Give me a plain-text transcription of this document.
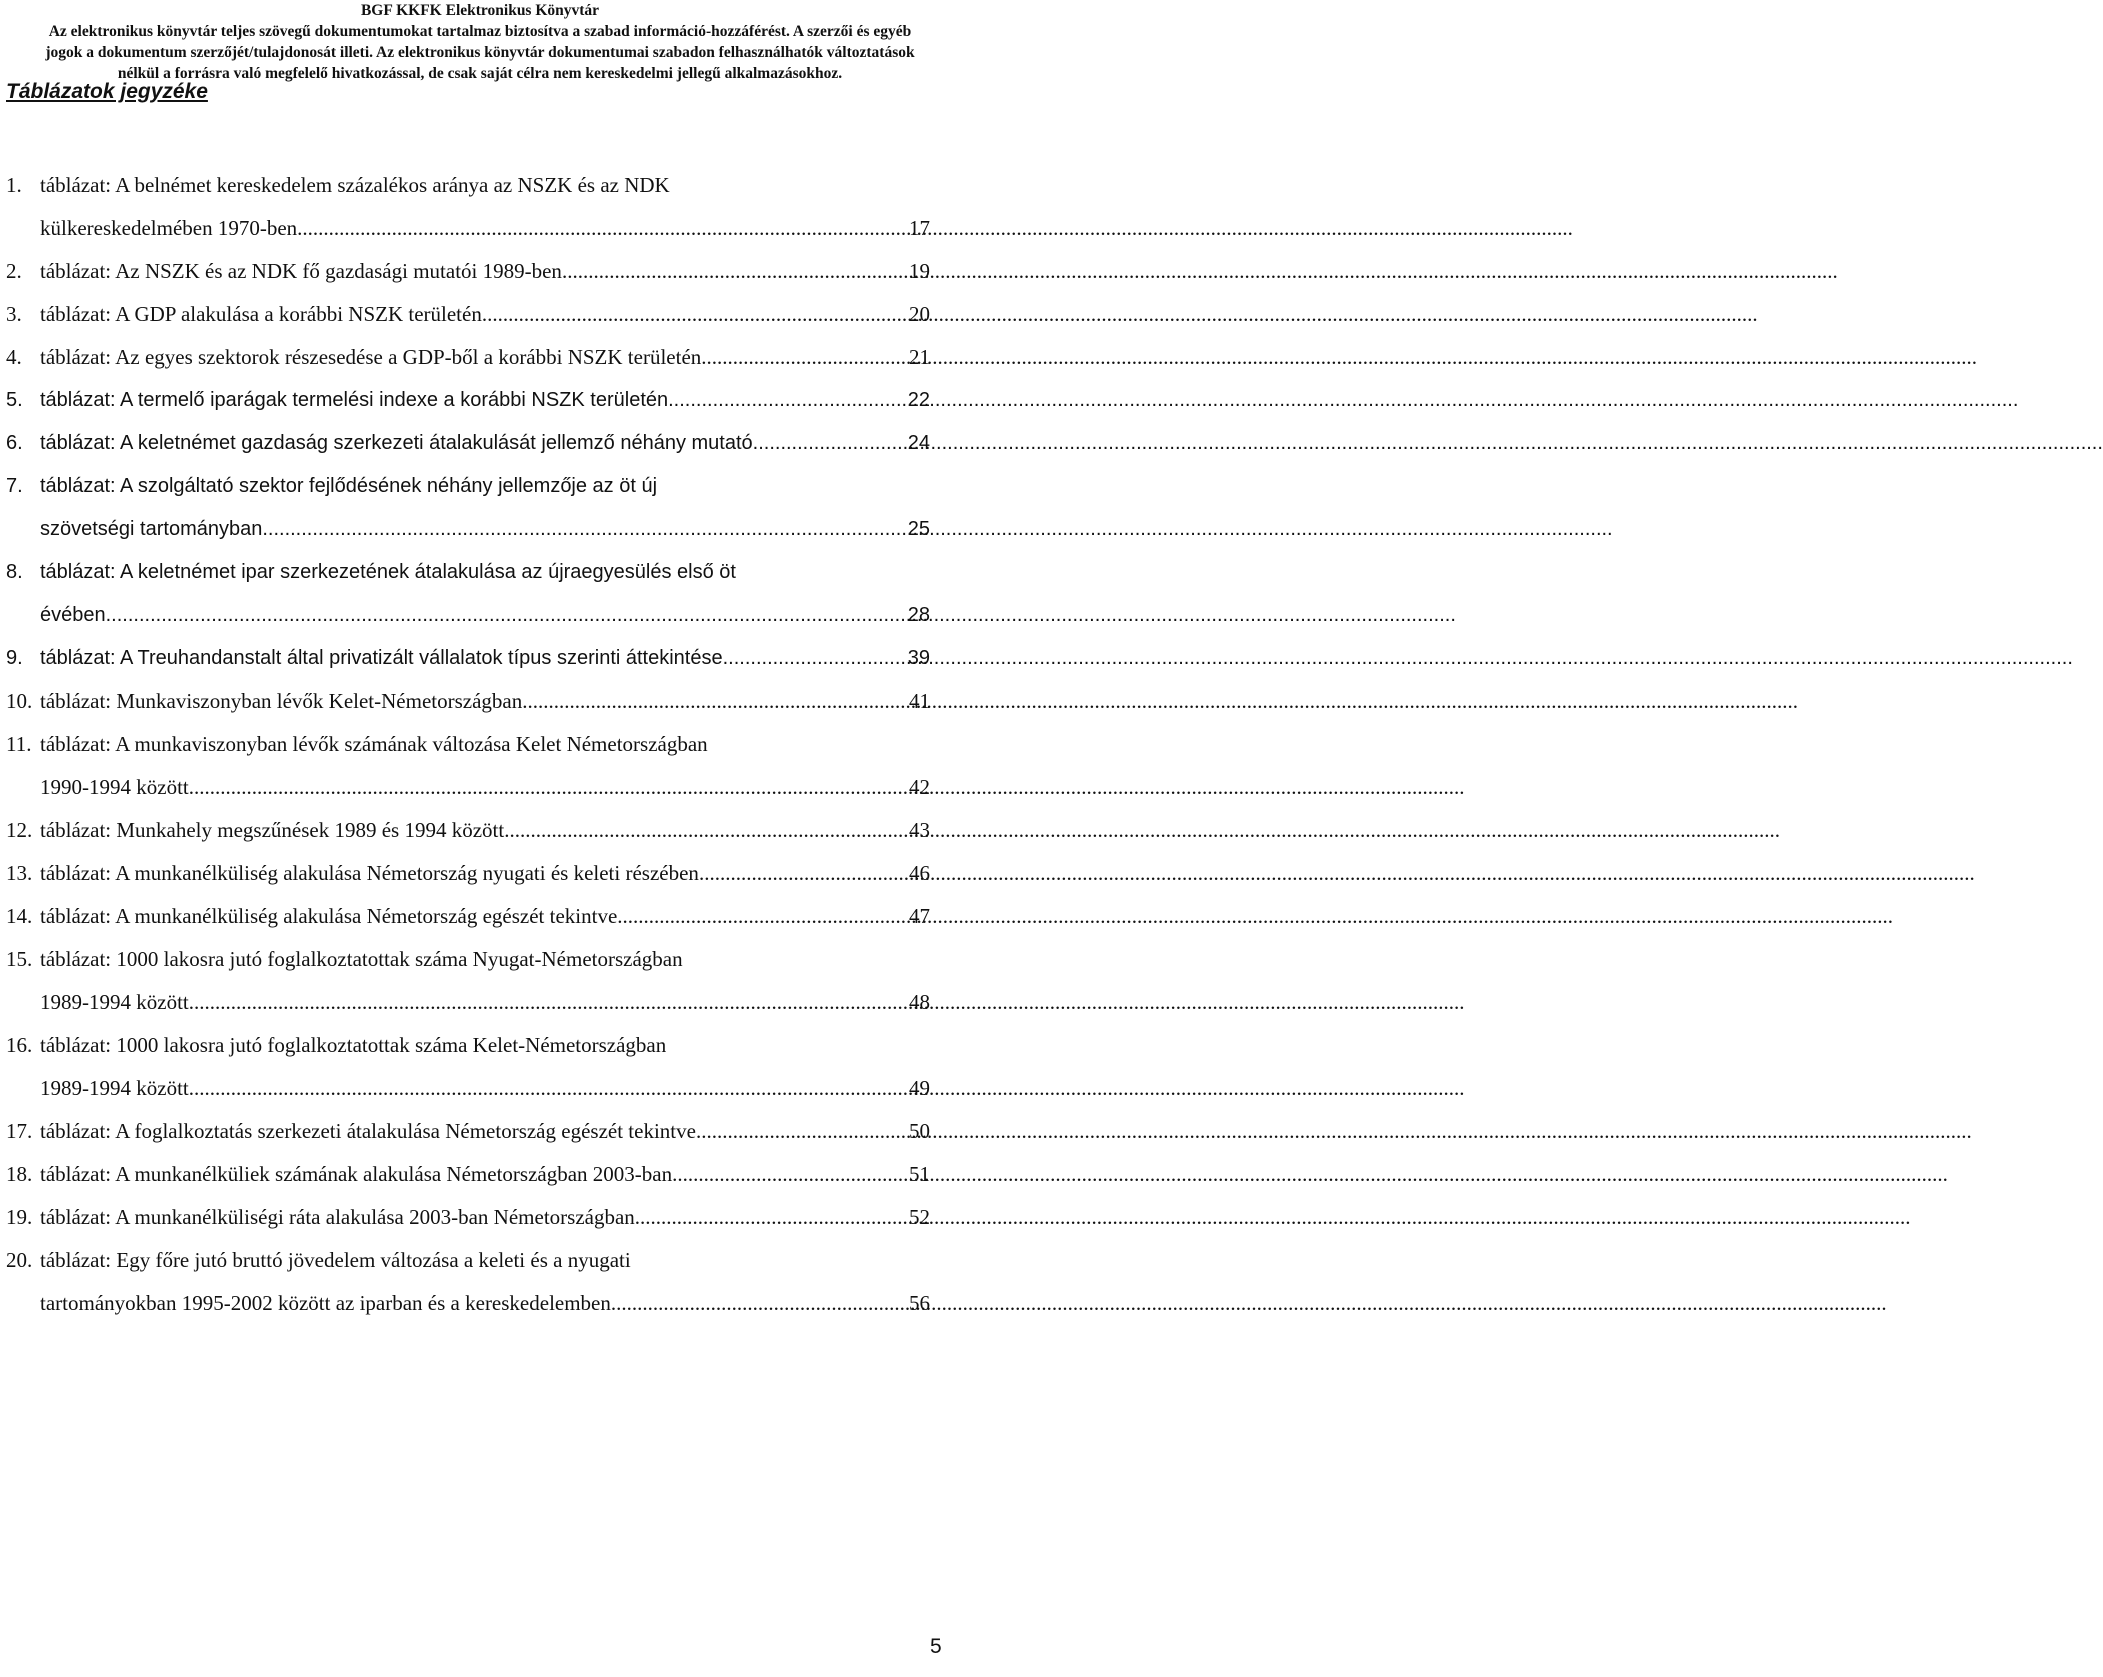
BGF KKFK Elektronikus Könyvtár
Az elektronikus könyvtár teljes szövegű dokumentumokat tartalmaz biztosítva a szabad információ-hozzáférést. A szerzői és egyéb
jogok a dokumentum szerzőjét/tulajdonosát illeti. Az elektronikus könyvtár dokumentumai szabadon felhasználhatók változtatások
nélkül a forrásra való megfelelő hivatkozással, de csak saját célra nem kereskedelmi jellegű alkalmazásokhoz.
Táblázatok jegyzéke
1. táblázat: A belnémet kereskedelem százalékos aránya az NSZK és az NDK
külkereskedelmében 1970-ben .....	17
2. táblázat: Az NSZK és az NDK fő gazdasági mutatói 1989-ben .....	19
3. táblázat: A GDP alakulása a korábbi NSZK területén .....	20
4. táblázat: Az egyes szektorok részesedése a GDP-ből a korábbi NSZK területén .....	21
5. táblázat: A termelő iparágak termelési indexe a korábbi NSZK területén .....	22
6. táblázat: A keletnémet gazdaság szerkezeti átalakulását jellemző néhány mutató .....	24
7. táblázat: A szolgáltató szektor fejlődésének néhány jellemzője az öt új
szövetségi tartományban .....	25
8. táblázat: A keletnémet ipar szerkezetének átalakulása az újraegyesülés első öt
évében .....	28
9. táblázat: A Treuhandanstalt által privatizált vállalatok típus szerinti áttekintése .....	39
10. táblázat: Munkaviszonyban lévők Kelet-Németországban .....	41
11. táblázat: A munkaviszonyban lévők számának változása Kelet Németországban
1990-1994 között .....	42
12. táblázat: Munkahely megszűnések 1989 és 1994 között .....	43
13. táblázat: A munkanélküliség alakulása Németország nyugati és keleti részében .....	46
14. táblázat: A munkanélküliség alakulása Németország egészét tekintve .....	47
15. táblázat: 1000 lakosra jutó foglalkoztatottak száma Nyugat-Németországban
1989-1994 között .....	48
16. táblázat: 1000 lakosra jutó foglalkoztatottak száma Kelet-Németországban
1989-1994 között .....	49
17. táblázat: A foglalkoztatás szerkezeti átalakulása Németország egészét tekintve .....	50
18. táblázat: A munkanélküliek számának alakulása Németországban 2003-ban .....	51
19. táblázat: A munkanélküliségi ráta alakulása 2003-ban Németországban .....	52
20. táblázat: Egy főre jutó bruttó jövedelem változása a keleti és a nyugati
tartományokban 1995-2002 között az iparban és a kereskedelemben .....	56
5
